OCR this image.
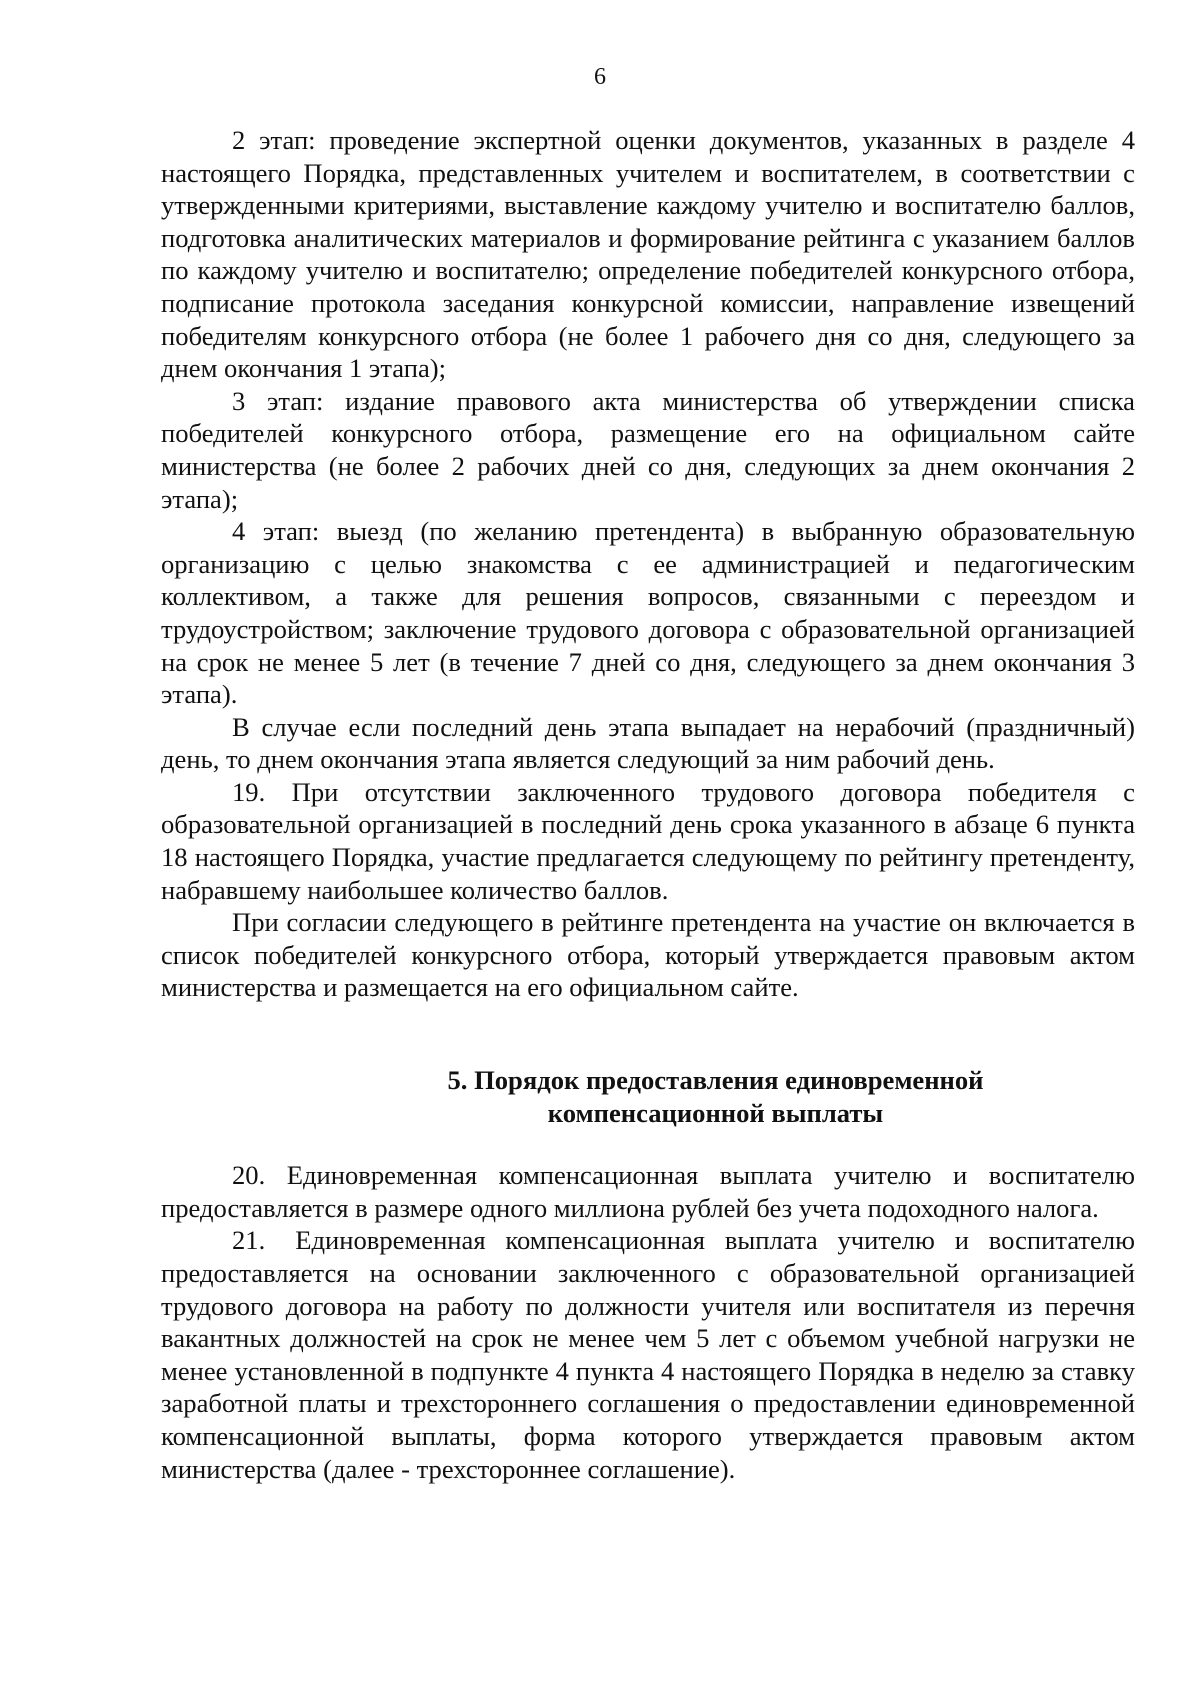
6

2 этап: проведение экспертной оценки документов, указанных в разделе 4 настоящего Порядка, представленных учителем и воспитателем, в соответствии с утвержденными критериями, выставление каждому учителю и воспитателю баллов, подготовка аналитических материалов и формирование рейтинга с указанием баллов по каждому учителю и воспитателю; определение победителей конкурсного отбора, подписание протокола заседания конкурсной комиссии, направление извещений победителям конкурсного отбора (не более 1 рабочего дня со дня, следующего за днем окончания 1 этапа);

3 этап: издание правового акта министерства об утверждении списка победителей конкурсного отбора, размещение его на официальном сайте министерства (не более 2 рабочих дней со дня, следующих за днем окончания 2 этапа);

4 этап: выезд (по желанию претендента) в выбранную образовательную организацию с целью знакомства с ее администрацией и педагогическим коллективом, а также для решения вопросов, связанными с переездом и трудоустройством; заключение трудового договора с образовательной организацией на срок не менее 5 лет (в течение 7 дней со дня, следующего за днем окончания 3 этапа).

В случае если последний день этапа выпадает на нерабочий (праздничный) день, то днем окончания этапа является следующий за ним рабочий день.

19. При отсутствии заключенного трудового договора победителя с образовательной организацией в последний день срока указанного в абзаце 6 пункта 18 настоящего Порядка, участие предлагается следующему по рейтингу претенденту, набравшему наибольшее количество баллов.

При согласии следующего в рейтинге претендента на участие он включается в список победителей конкурсного отбора, который утверждается правовым актом министерства и размещается на его официальном сайте.

5. Порядок предоставления единовременной

компенсационной выплаты

20. Единовременная компенсационная выплата учителю и воспитателю предоставляется в размере одного миллиона рублей без учета подоходного налога.

21. Единовременная компенсационная выплата учителю и воспитателю предоставляется на основании заключенного с образовательной организацией трудового договора на работу по должности учителя или воспитателя из перечня вакантных должностей на срок не менее чем 5 лет с объемом учебной нагрузки не менее установленной в подпункте 4 пункта 4 настоящего Порядка в неделю за ставку заработной платы и трехстороннего соглашения о предоставлении единовременной компенсационной выплаты, форма которого утверждается правовым актом министерства (далее - трехстороннее соглашение).
